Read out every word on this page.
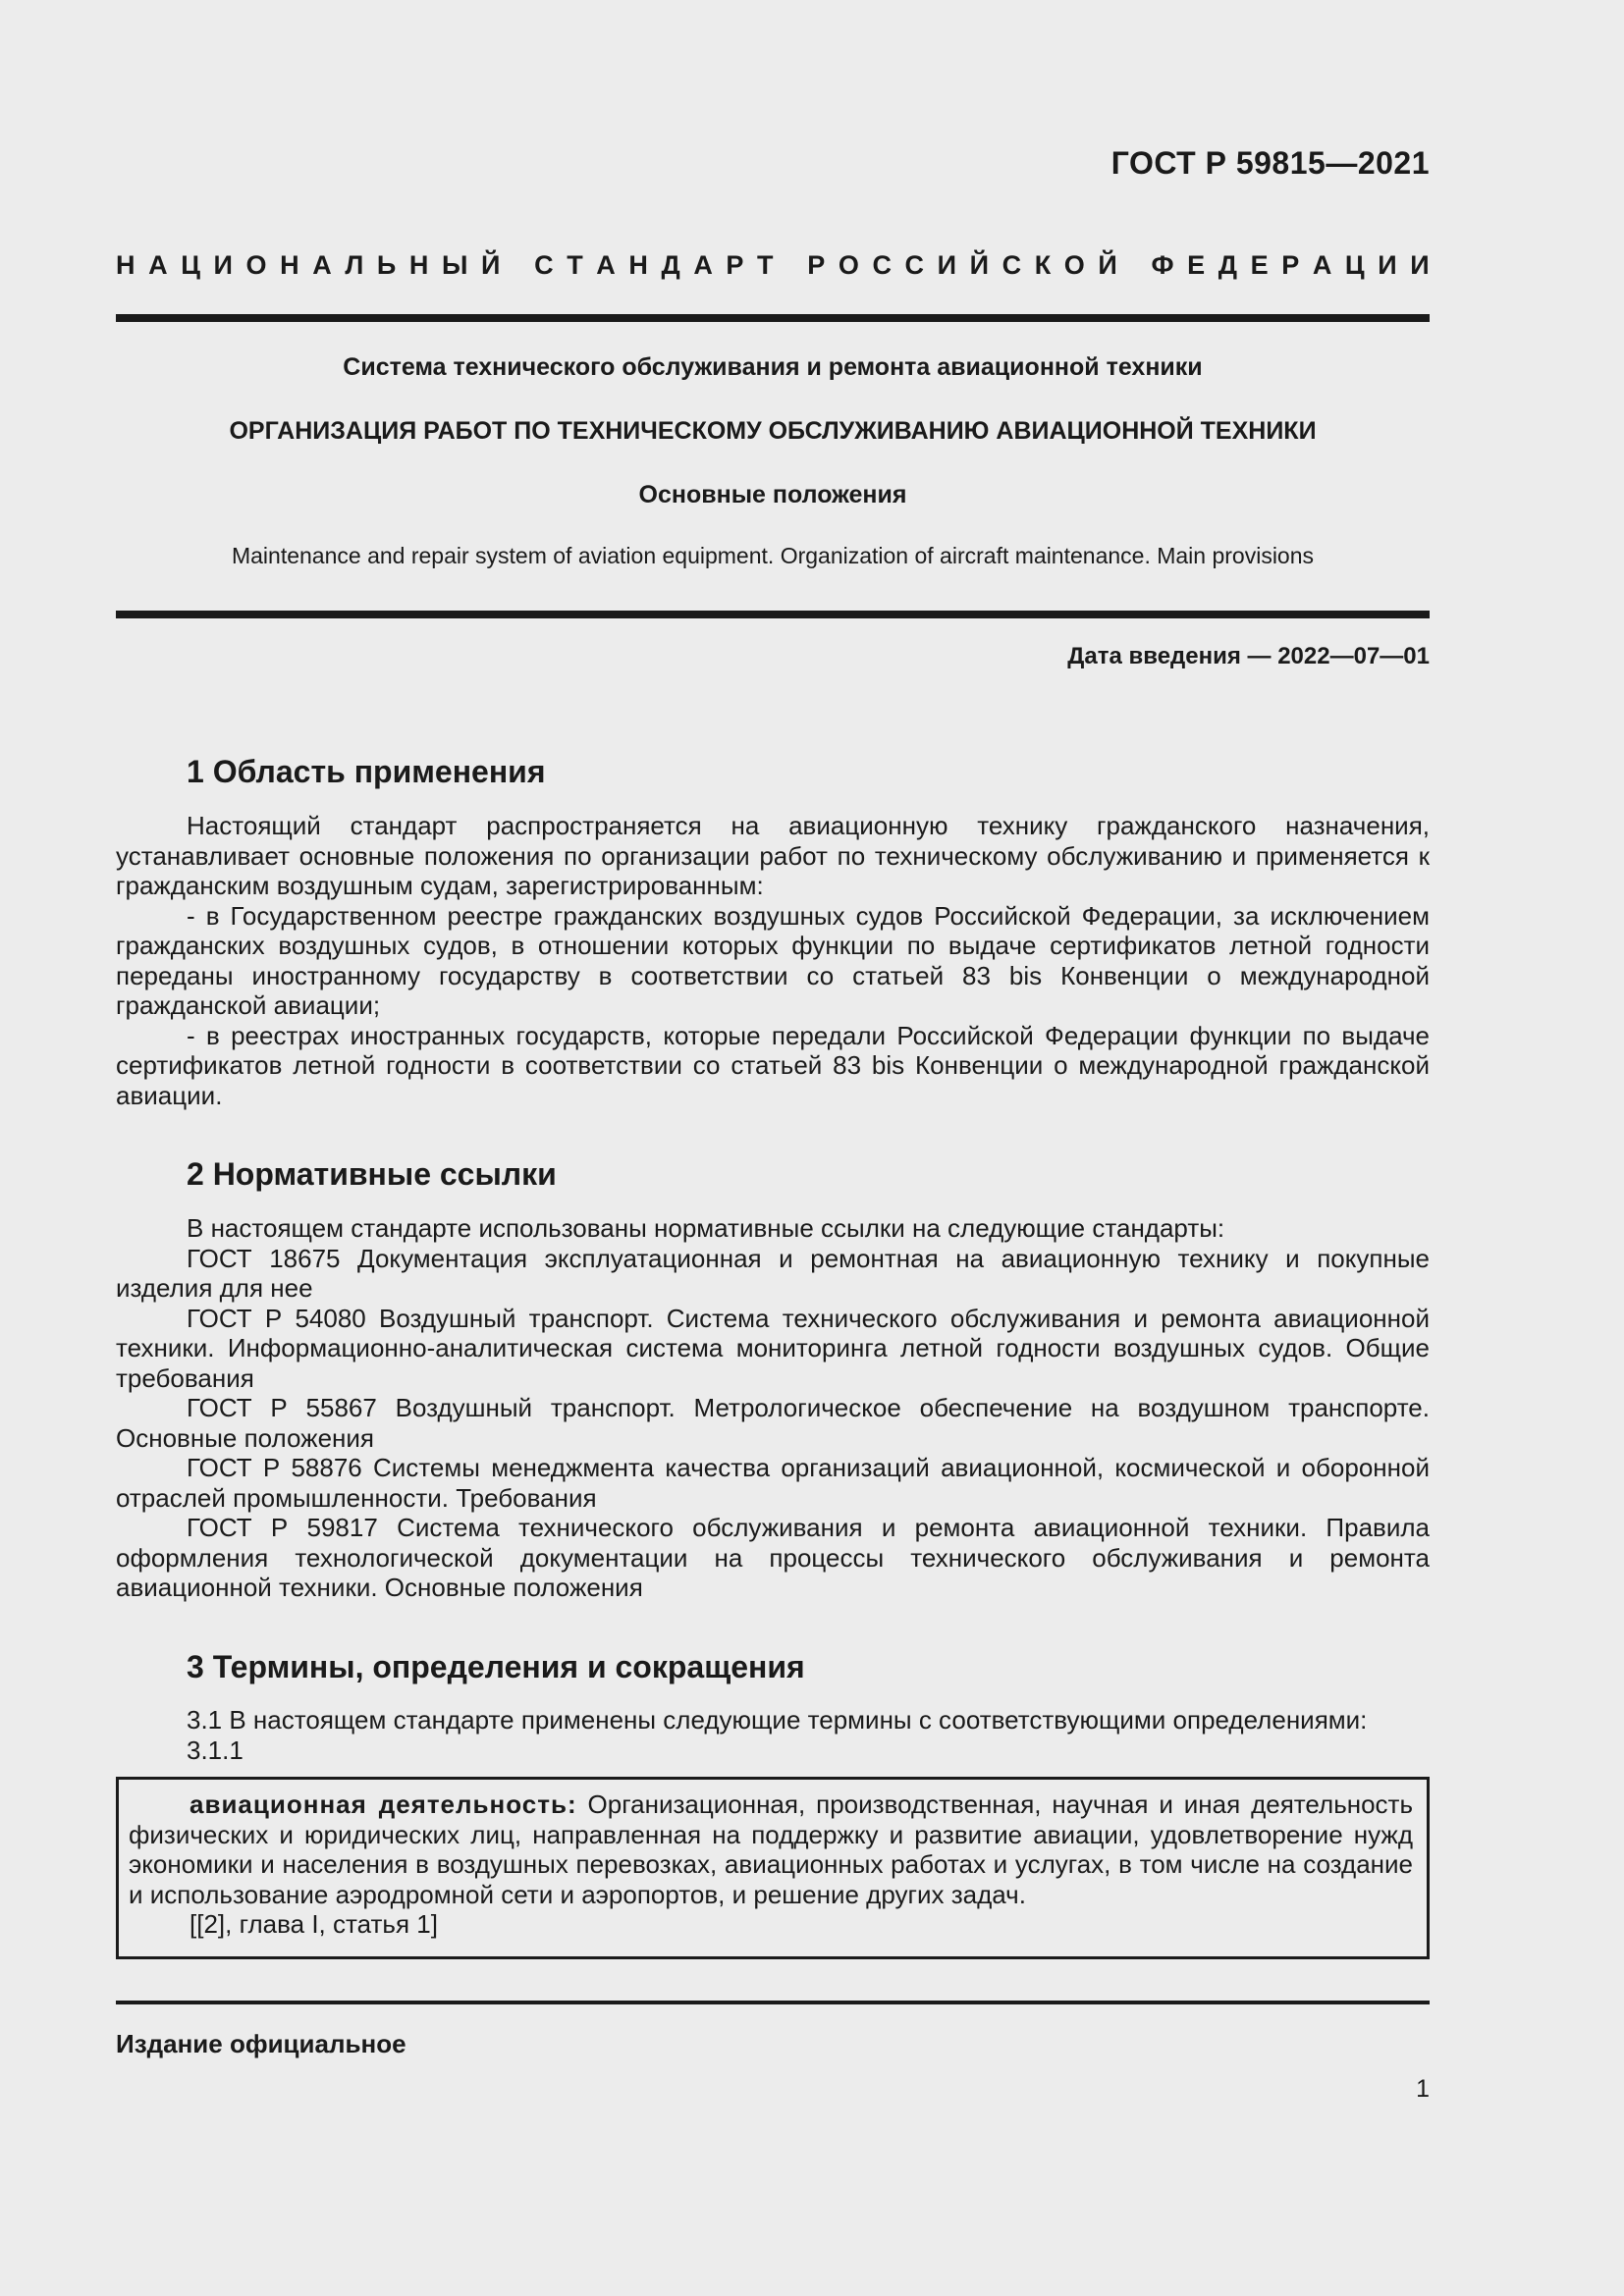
ГОСТ Р 59815—2021
Н А Ц И О Н А Л Ь Н Ы Й
С Т А Н Д А Р Т
Р О С С И Й С К О Й
Ф Е Д Е Р А Ц И И
Система технического обслуживания и ремонта авиационной техники
ОРГАНИЗАЦИЯ РАБОТ ПО ТЕХНИЧЕСКОМУ ОБСЛУЖИВАНИЮ АВИАЦИОННОЙ ТЕХНИКИ
Основные положения
Maintenance and repair system of aviation equipment. Organization of aircraft maintenance. Main provisions
Дата введения — 2022—07—01
1 Область применения

Настоящий стандарт распространяется на авиационную технику гражданского назначения, устанавливает основные положения по организации работ по техническому обслуживанию и применяется к гражданским воздушным судам, зарегистрированным:

- в Государственном реестре гражданских воздушных судов Российской Федерации, за исключением гражданских воздушных судов, в отношении которых функции по выдаче сертификатов летной годности переданы иностранному государству в соответствии со статьей 83 bis Конвенции о международной гражданской авиации;

- в реестрах иностранных государств, которые передали Российской Федерации функции по выдаче сертификатов летной годности в соответствии со статьей 83 bis Конвенции о международной гражданской авиации.

2 Нормативные ссылки

В настоящем стандарте использованы нормативные ссылки на следующие стандарты:

ГОСТ 18675 Документация эксплуатационная и ремонтная на авиационную технику и покупные изделия для нее

ГОСТ Р 54080 Воздушный транспорт. Система технического обслуживания и ремонта авиационной техники. Информационно-аналитическая система мониторинга летной годности воздушных судов. Общие требования

ГОСТ Р 55867 Воздушный транспорт. Метрологическое обеспечение на воздушном транспорте. Основные положения

ГОСТ Р 58876 Системы менеджмента качества организаций авиационной, космической и оборонной отраслей промышленности. Требования

ГОСТ Р 59817 Система технического обслуживания и ремонта авиационной техники. Правила оформления технологической документации на процессы технического обслуживания и ремонта авиационной техники. Основные положения

3 Термины, определения и сокращения

3.1 В настоящем стандарте применены следующие термины с соответствующими определениями:

3.1.1

авиационная деятельность: Организационная, производственная, научная и иная деятельность физических и юридических лиц, направленная на поддержку и развитие авиации, удовлетворение нужд экономики и населения в воздушных перевозках, авиационных работах и услугах, в том числе на создание и использование аэродромной сети и аэропортов, и решение других задач.

[[2], глава I, статья 1]

Издание официальное
1
